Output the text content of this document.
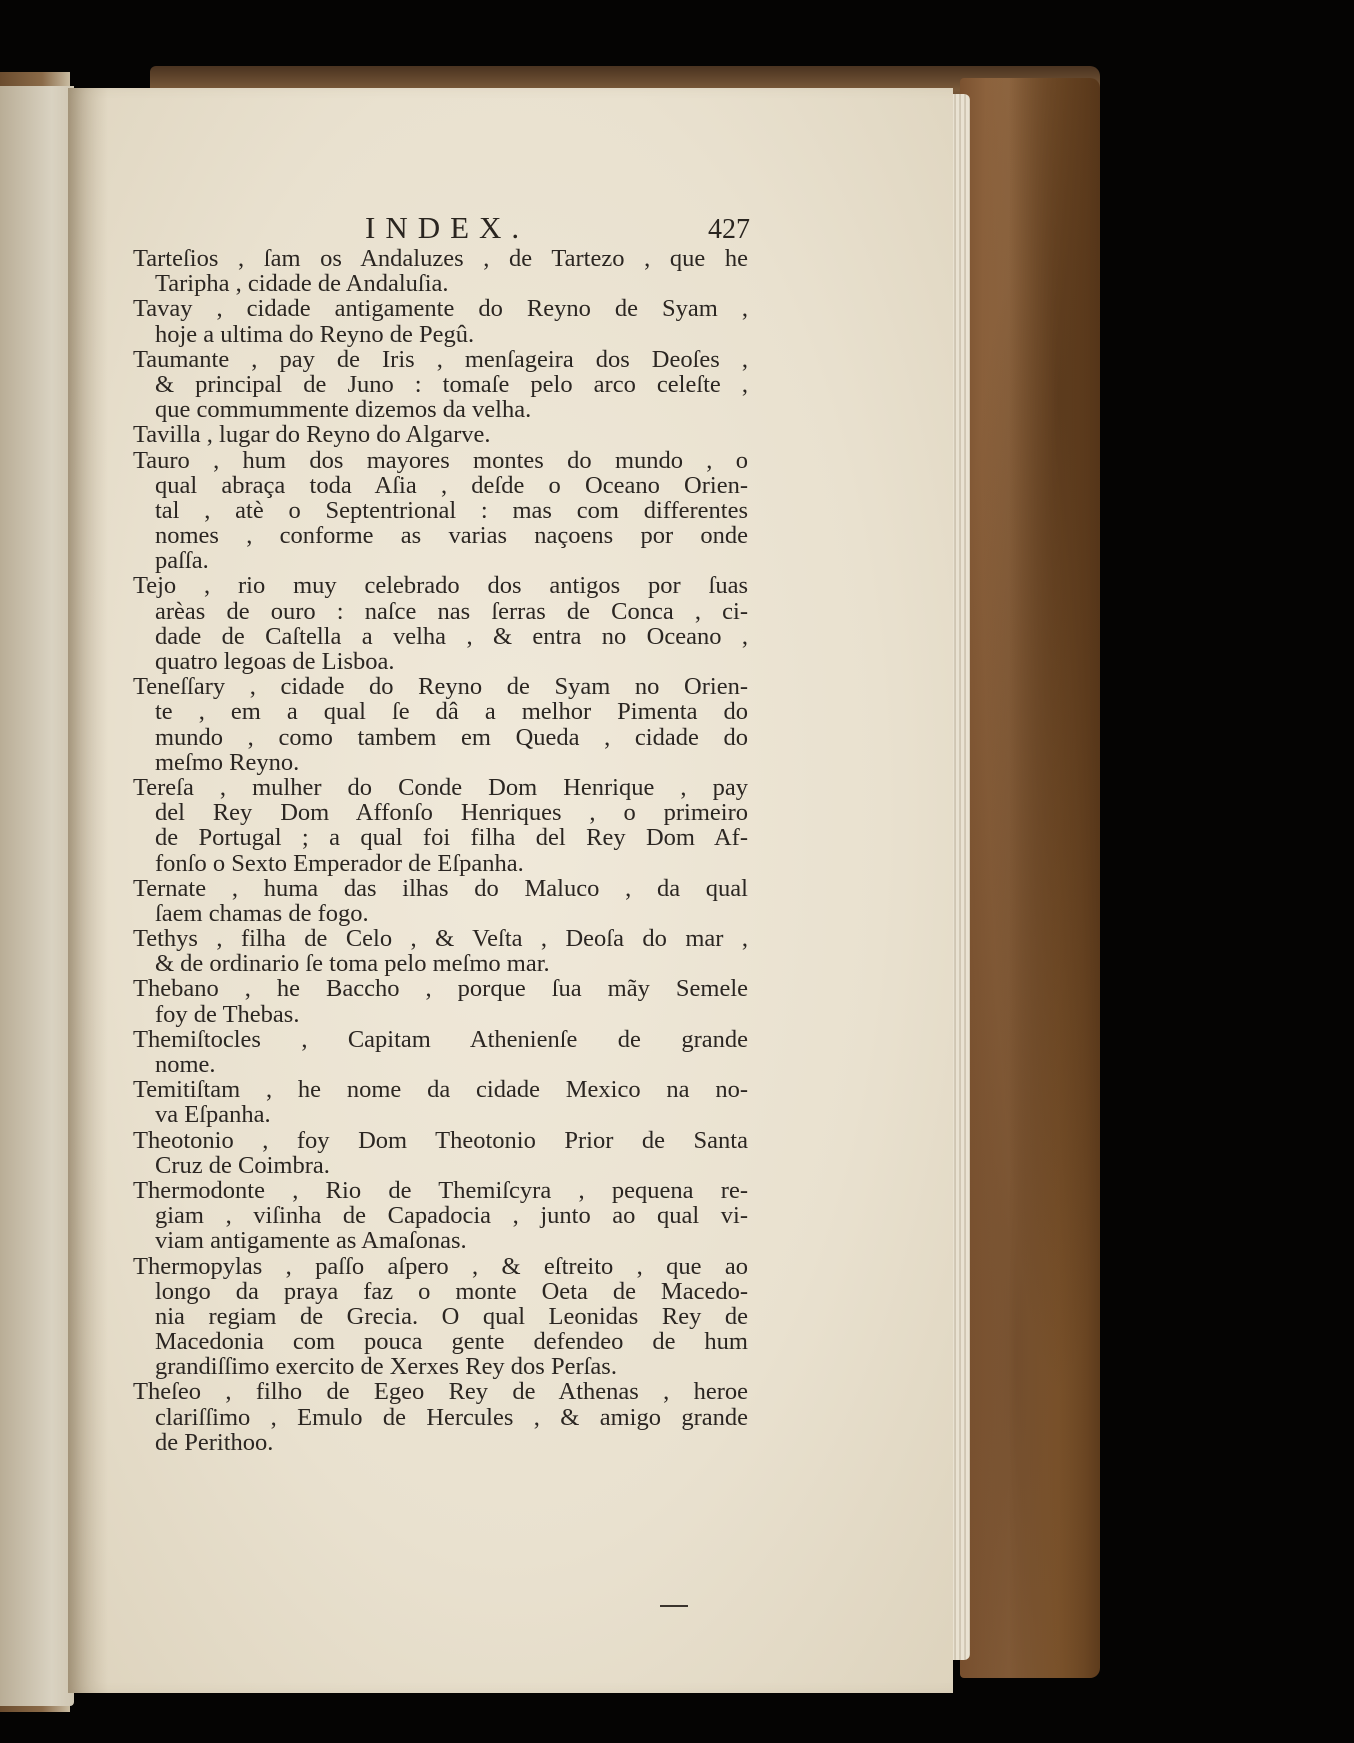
INDEX.	427
Tarteſios , ſam os Andaluzes , de Tartezo , que he
Taripha , cidade de Andaluſia.
Tavay , cidade antigamente do Reyno de Syam ,
hoje a ultima do Reyno de Pegû.
Taumante , pay de Iris , menſageira dos Deoſes ,
& principal de Juno : tomaſe pelo arco celeſte ,
que commummente dizemos da velha.
Tavilla , lugar do Reyno do Algarve.
Tauro , hum dos mayores montes do mundo , o
qual abraça toda Aſia , deſde o Oceano Orien-
tal , atè o Septentrional : mas com differentes
nomes , conforme as varias naçoens por onde
paſſa.
Tejo , rio muy celebrado dos antigos por ſuas
arèas de ouro : naſce nas ſerras de Conca , ci-
dade de Caſtella a velha , & entra no Oceano ,
quatro legoas de Lisboa.
Teneſſary , cidade do Reyno de Syam no Orien-
te , em a qual ſe dâ a melhor Pimenta do
mundo , como tambem em Queda , cidade do
meſmo Reyno.
Tereſa , mulher do Conde Dom Henrique , pay
del Rey Dom Affonſo Henriques , o primeiro
de Portugal ; a qual foi filha del Rey Dom Af-
fonſo o Sexto Emperador de Eſpanha.
Ternate , huma das ilhas do Maluco , da qual
ſaem chamas de fogo.
Tethys , filha de Celo , & Veſta , Deoſa do mar ,
& de ordinario ſe toma pelo meſmo mar.
Thebano , he Baccho , porque ſua mãy Semele
foy de Thebas.
Themiſtocles , Capitam Athenienſe de grande
nome.
Temitiſtam , he nome da cidade Mexico na no-
va Eſpanha.
Theotonio , foy Dom Theotonio Prior de Santa
Cruz de Coimbra.
Thermodonte , Rio de Themiſcyra , pequena re-
giam , viſinha de Capadocia , junto ao qual vi-
viam antigamente as Amaſonas.
Thermopylas , paſſo aſpero , & eſtreito , que ao
longo da praya faz o monte Oeta de Macedo-
nia regiam de Grecia. O qual Leonidas Rey de
Macedonia com pouca gente defendeo de hum
grandiſſimo exercito de Xerxes Rey dos Perſas.
Theſeo , filho de Egeo Rey de Athenas , heroe
clariſſimo , Emulo de Hercules , & amigo grande
de Perithoo.
